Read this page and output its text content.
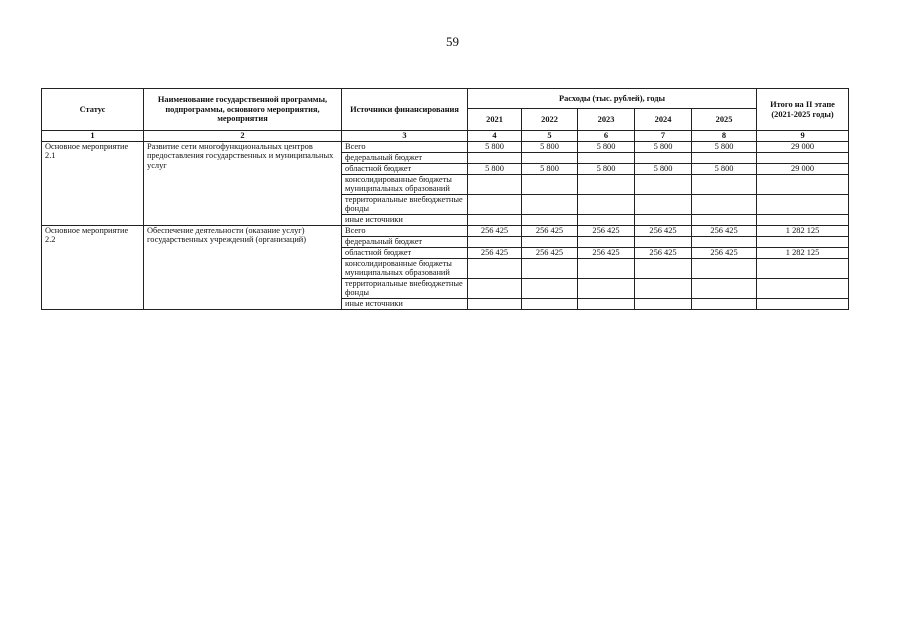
59
Статус	Наименование государственной программы, подпрограммы, основного мероприятия, мероприятия	Источники финансирования	Расходы (тыс. рублей), годы					Итого на II этапе (2021-2025 годы)
			2021	2022	2023	2024	2025	
1	2	3	4	5	6	7	8	9
Основное мероприятие 2.1	Развитие сети многофункциональных центров предоставления государственных и муниципальных услуг	Всего	5 800	5 800	5 800	5 800	5 800	29 000
		федеральный бюджет						
		областной бюджет	5 800	5 800	5 800	5 800	5 800	29 000
		консолидированные бюджеты муниципальных образований						
		территориальные внебюджетные фонды						
		иные источники						
Основное мероприятие 2.2	Обеспечение деятельности (оказание услуг) государственных учреждений (организаций)	Всего	256 425	256 425	256 425	256 425	256 425	1 282 125
		федеральный бюджет						
		областной бюджет	256 425	256 425	256 425	256 425	256 425	1 282 125
		консолидированные бюджеты муниципальных образований						
		территориальные внебюджетные фонды						
		иные источники						
